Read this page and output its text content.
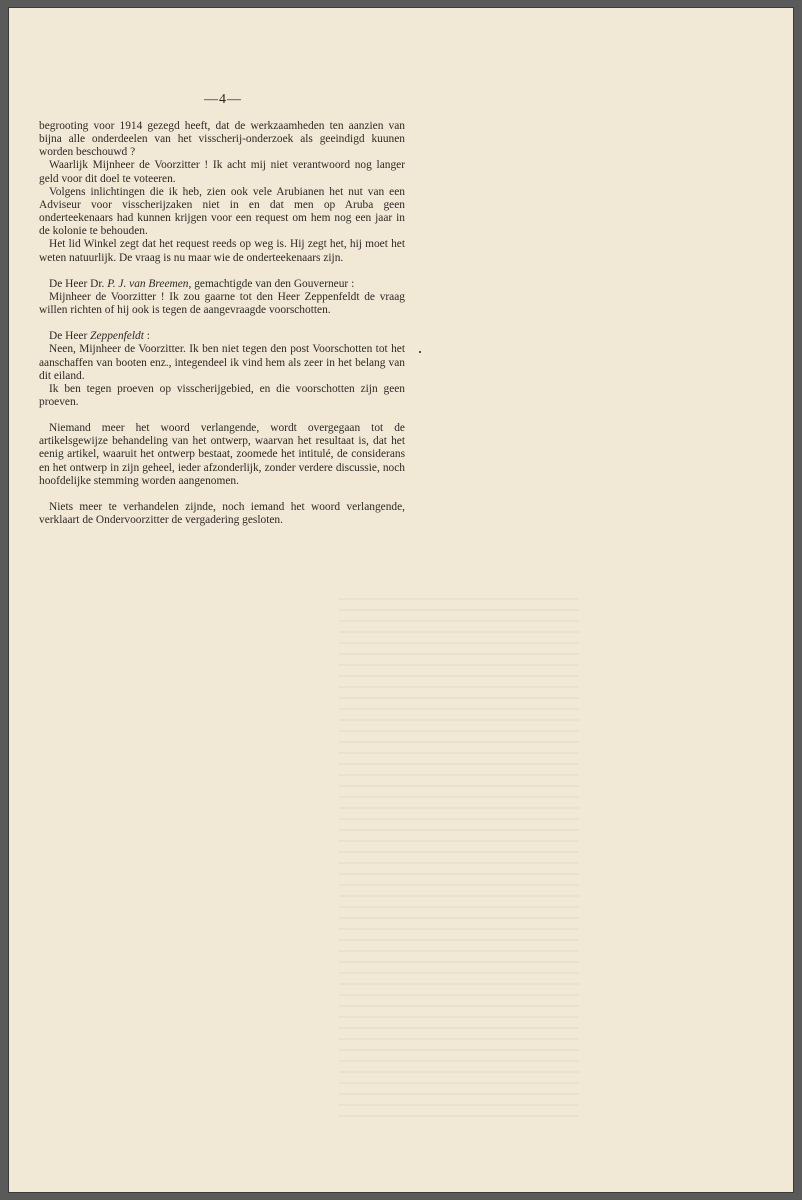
—4—

begrooting voor 1914 gezegd heeft, dat de werkzaamheden ten aanzien van bijna alle onderdeelen van het visscherij-onderzoek als geeindigd kuunen worden beschouwd ?

Waarlijk Mijnheer de Voorzitter ! Ik acht mij niet verantwoord nog langer geld voor dit doel te voteeren.

Volgens inlichtingen die ik heb, zien ook vele Arubianen het nut van een Adviseur voor visscherijzaken niet in en dat men op Aruba geen onderteekenaars had kunnen krijgen voor een request om hem nog een jaar in de kolonie te behouden.

Het lid Winkel zegt dat het request reeds op weg is. Hij zegt het, hij moet het weten natuurlijk. De vraag is nu maar wie de onderteekenaars zijn.

De Heer Dr. P. J. van Breemen, gemachtigde van den Gouverneur :

Mijnheer de Voorzitter ! Ik zou gaarne tot den Heer Zeppenfeldt de vraag willen richten of hij ook is tegen de aangevraagde voorschotten.

De Heer Zeppenfeldt :

Neen, Mijnheer de Voorzitter. Ik ben niet tegen den post Voorschotten tot het aanschaffen van booten enz., integendeel ik vind hem als zeer in het belang van dit eiland.

Ik ben tegen proeven op visscherijgebied, en die voorschotten zijn geen proeven.

Niemand meer het woord verlangende, wordt overgegaan tot de artikelsgewijze behandeling van het ontwerp, waarvan het resultaat is, dat het eenig artikel, waaruit het ontwerp bestaat, zoomede het intitulé, de considerans en het ontwerp in zijn geheel, ieder afzonderlijk, zonder verdere discussie, noch hoofdelijke stemming worden aangenomen.

Niets meer te verhandelen zijnde, noch iemand het woord verlangende, verklaart de Ondervoorzitter de vergadering gesloten.
